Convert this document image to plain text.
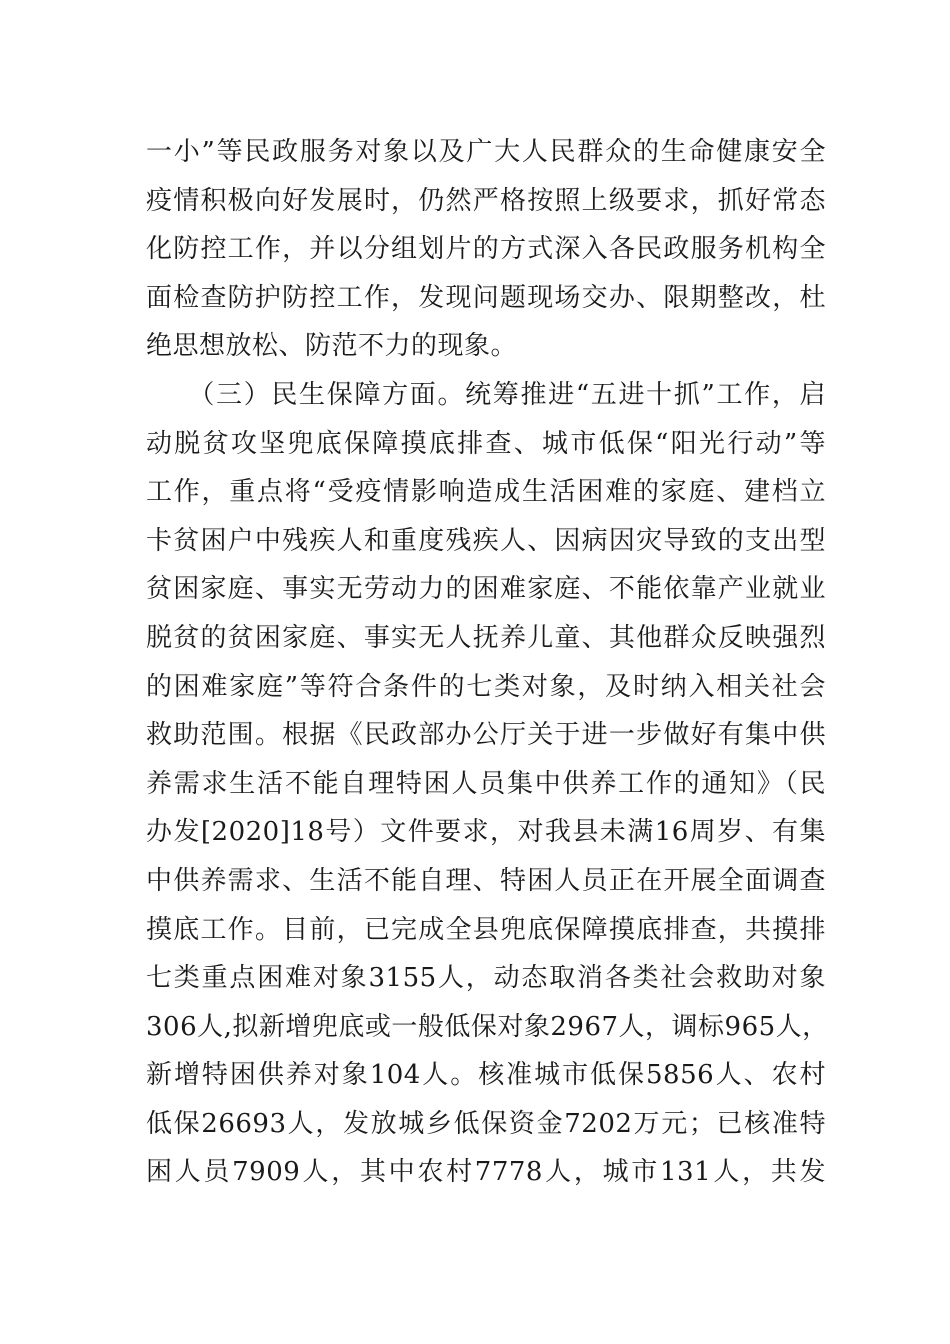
一小”等民政服务对象以及广大人民群众的生命健康安全
疫情积极向好发展时，仍然严格按照上级要求，抓好常态
化防控工作，并以分组划片的方式深入各民政服务机构全
面检查防护防控工作，发现问题现场交办、限期整改，杜
绝思想放松、防范不力的现象。
　　（三）民生保障方面。统筹推进“五进十抓”工作，启
动脱贫攻坚兜底保障摸底排查、城市低保“阳光行动”等
工作，重点将“受疫情影响造成生活困难的家庭、建档立
卡贫困户中残疾人和重度残疾人、因病因灾导致的支出型
贫困家庭、事实无劳动力的困难家庭、不能依靠产业就业
脱贫的贫困家庭、事实无人抚养儿童、其他群众反映强烈
的困难家庭”等符合条件的七类对象，及时纳入相关社会
救助范围。根据《民政部办公厅关于进一步做好有集中供
养需求生活不能自理特困人员集中供养工作的通知》（民
办发[2020]18号）文件要求，对我县未满16周岁、有集
中供养需求、生活不能自理、特困人员正在开展全面调查
摸底工作。目前，已完成全县兜底保障摸底排查，共摸排
七类重点困难对象3155人，动态取消各类社会救助对象
306人,拟新增兜底或一般低保对象2967人，调标965人，
新增特困供养对象104人。核准城市低保5856人、农村
低保26693人，发放城乡低保资金7202万元；已核准特
困人员7909人，其中农村7778人，城市131人，共发
